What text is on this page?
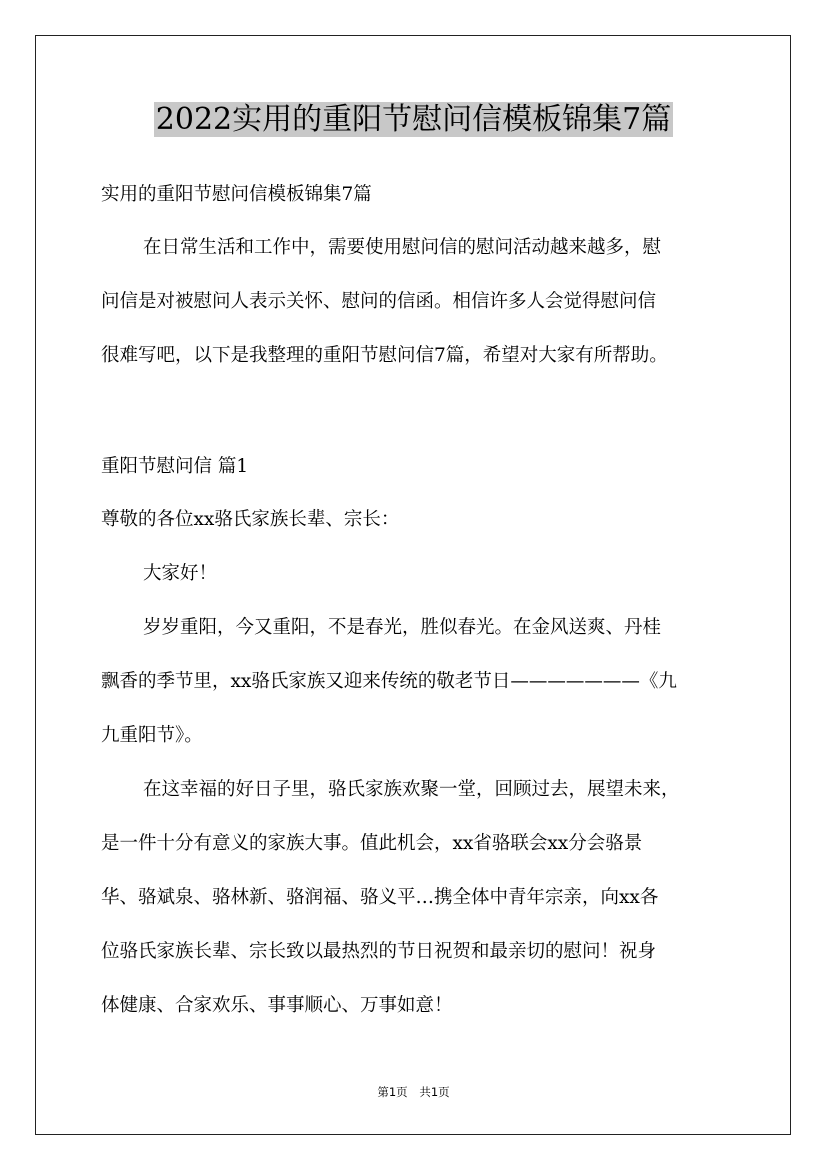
2022实用的重阳节慰问信模板锦集7篇
实用的重阳节慰问信模板锦集7篇
在日常生活和工作中，需要使用慰问信的慰问活动越来越多，慰
问信是对被慰问人表示关怀、慰问的信函。相信许多人会觉得慰问信
很难写吧，以下是我整理的重阳节慰问信7篇，希望对大家有所帮助。
重阳节慰问信 篇1
尊敬的各位xx骆氏家族长辈、宗长：
大家好！
岁岁重阳，今又重阳，不是春光，胜似春光。在金风送爽、丹桂
飘香的季节里，xx骆氏家族又迎来传统的敬老节日———————《九
九重阳节》。
在这幸福的好日子里，骆氏家族欢聚一堂，回顾过去，展望未来，
是一件十分有意义的家族大事。值此机会，xx省骆联会xx分会骆景
华、骆斌泉、骆林新、骆润福、骆义平…携全体中青年宗亲，向xx各
位骆氏家族长辈、宗长致以最热烈的节日祝贺和最亲切的慰问！祝身
体健康、合家欢乐、事事顺心、万事如意！
第1页 共1页
